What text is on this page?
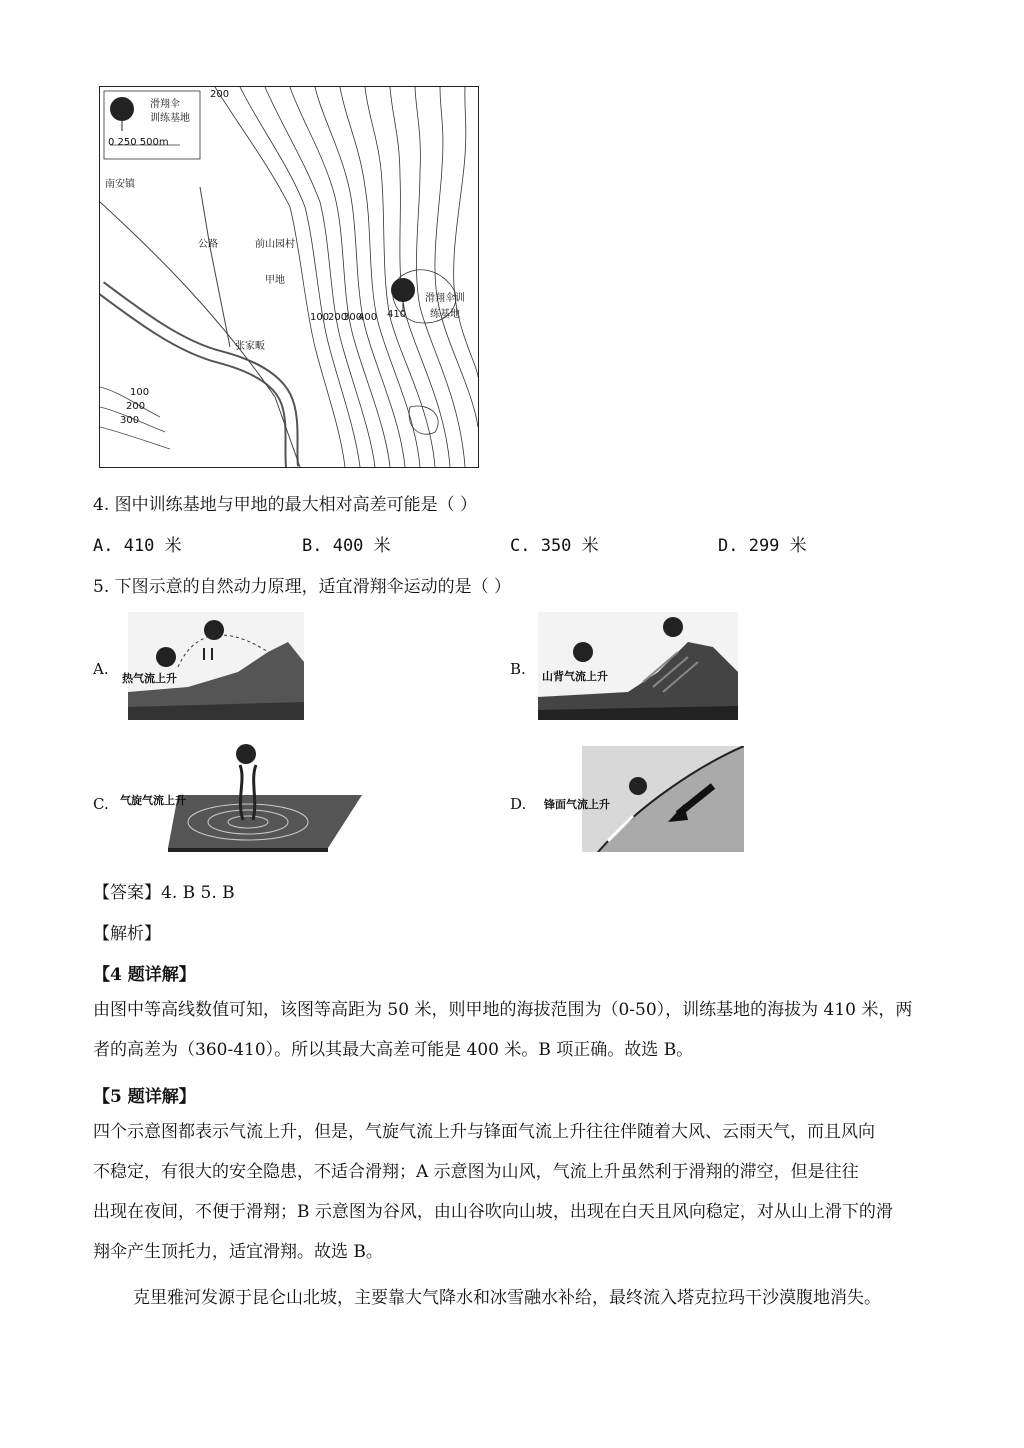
滑翔伞
训练基地
0 250 500m
南安镇
前山园村
甲地
张家畈
滑翔伞训
练基地
410
公路
200
100
200
300
400
100
200
300
4. 图中训练基地与甲地的最大相对高差可能是（ ）
A. 410 米	B. 400 米	C. 350 米	D. 299 米
5. 下图示意的自然动力原理，适宜滑翔伞运动的是（ ）
A.
热气流上升
B. 山背气流上升
C. 气旋气流上升	D. 锋面气流上升
【答案】4. B 5. B
【解析】
【4 题详解】
由图中等高线数值可知，该图等高距为 50 米，则甲地的海拔范围为（0-50），训练基地的海拔为 410 米，两
者的高差为（360-410）。所以其最大高差可能是 400 米。B 项正确。故选 B。
【5 题详解】
四个示意图都表示气流上升，但是，气旋气流上升与锋面气流上升往往伴随着大风、云雨天气，而且风向
不稳定，有很大的安全隐患，不适合滑翔；A 示意图为山风，气流上升虽然利于滑翔的滞空，但是往往
出现在夜间，不便于滑翔；B 示意图为谷风，由山谷吹向山坡，出现在白天且风向稳定，对从山上滑下的滑
翔伞产生顶托力，适宜滑翔。故选 B。
克里雅河发源于昆仑山北坡，主要靠大气降水和冰雪融水补给，最终流入塔克拉玛干沙漠腹地消失。
